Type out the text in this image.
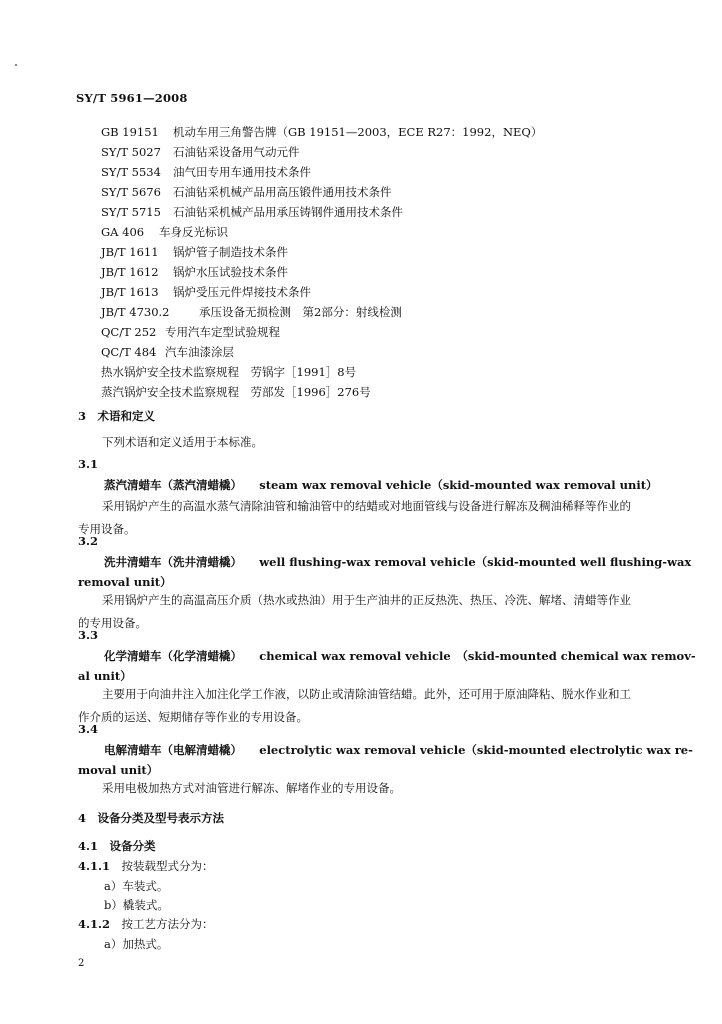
SY/T 5961—2008
GB 19151 机动车用三角警告牌（GB 19151—2003，ECE R27：1992，NEQ）
SY/T 5027 石油钻采设备用气动元件
SY/T 5534 油气田专用车通用技术条件
SY/T 5676 石油钻采机械产品用高压锻件通用技术条件
SY/T 5715 石油钻采机械产品用承压铸钢件通用技术条件
GA 406 车身反光标识
JB/T 1611 锅炉管子制造技术条件
JB/T 1612 锅炉水压试验技术条件
JB/T 1613 锅炉受压元件焊接技术条件
JB/T 4730.2	承压设备无损检测　第2部分：射线检测
QC/T 252 专用汽车定型试验规程
QC/T 484 汽车油漆涂层
热水锅炉安全技术监察规程　劳锅字［1991］8号
蒸汽锅炉安全技术监察规程　劳部发［1996］276号
3　术语和定义
下列术语和定义适用于本标准。
3.1
蒸汽清蜡车（蒸汽清蜡橇）　　 steam wax removal vehicle（skid-mounted wax removal unit）
采用锅炉产生的高温水蒸气清除油管和输油管中的结蜡或对地面管线与设备进行解冻及稠油稀释等作业的专用设备。
3.2
洗井清蜡车（洗井清蜡橇）　　 well flushing-wax removal vehicle（skid-mounted well flushing-wax
removal unit）
采用锅炉产生的高温高压介质（热水或热油）用于生产油井的正反热洗、热压、冷洗、解堵、清蜡等作业的专用设备。
3.3
化学清蜡车（化学清蜡橇）　　 chemical wax removal vehicle　（skid-mounted chemical wax remov-
al unit）
主要用于向油井注入加注化学工作液，以防止或清除油管结蜡。此外，还可用于原油降粘、脱水作业和工作介质的运送、短期储存等作业的专用设备。
3.4
电解清蜡车（电解清蜡橇）　　 electrolytic wax removal vehicle（skid-mounted electrolytic wax re-
moval unit）
采用电极加热方式对油管进行解冻、解堵作业的专用设备。
4　设备分类及型号表示方法
4.1　设备分类
4.1.1　 按装载型式分为：
a）车装式。
b）橇装式。
4.1.2　 按工艺方法分为：
a）加热式。
2
